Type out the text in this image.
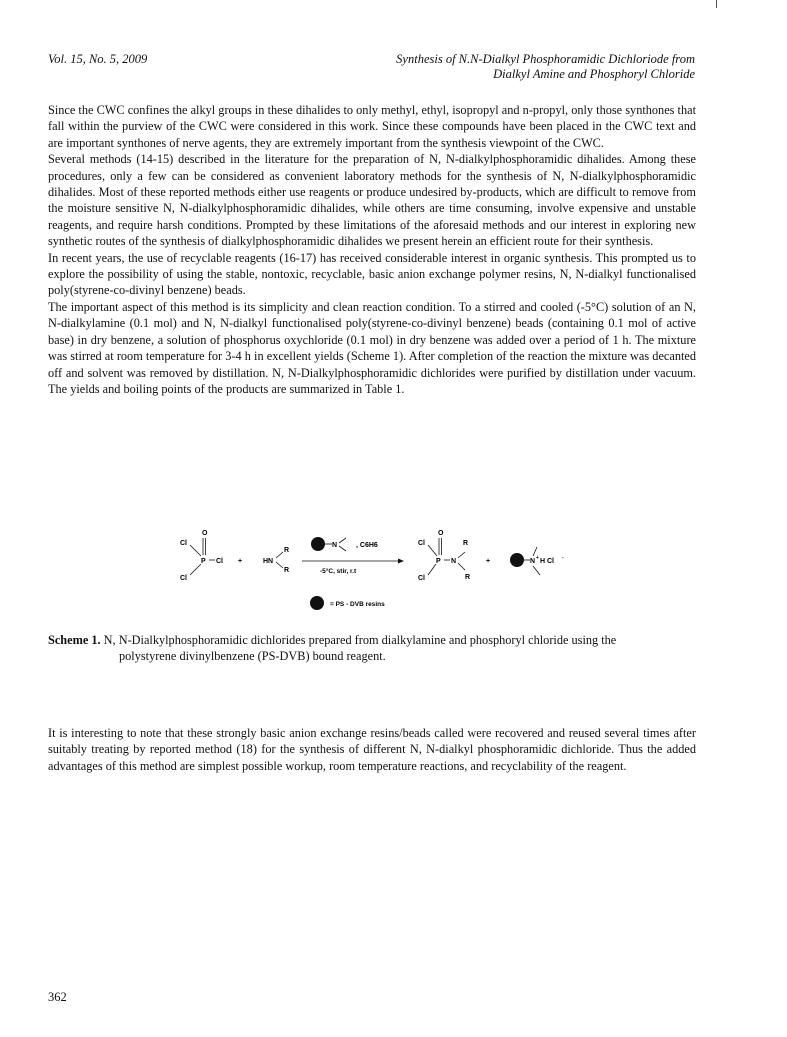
Vol. 15, No. 5, 2009	Synthesis of N.N-Dialkyl Phosphoramidic Dichloriode from
Dialkyl Amine and Phosphoryl Chloride

Since the CWC confines the alkyl groups in these dihalides to only methyl, ethyl, isopropyl and n-propyl, only those synthones that fall within the purview of the CWC were considered in this work. Since these compounds have been placed in the CWC text and are important synthones of nerve agents, they are extremely important from the synthesis viewpoint of the CWC.

Several methods (14-15) described in the literature for the preparation of N, N-dialkylphosphoramidic dihalides. Among these procedures, only a few can be considered as convenient laboratory methods for the synthesis of N, N-dialkylphosphoramidic dihalides. Most of these reported methods either use reagents or produce undesired by-products, which are difficult to remove from the moisture sensitive N, N-dialkylphosphoramidic dihalides, while others are time consuming, involve expensive and unstable reagents, and require harsh conditions. Prompted by these limitations of the aforesaid methods and our interest in exploring new synthetic routes of the synthesis of dialkylphosphoramidic dihalides we present herein an efficient route for their synthesis.

In recent years, the use of recyclable reagents (16-17) has received considerable interest in organic synthesis. This prompted us to explore the possibility of using the stable, nontoxic, recyclable, basic anion exchange polymer resins, N, N-dialkyl functionalised poly(styrene-co-divinyl benzene) beads.

The important aspect of this method is its simplicity and clean reaction condition. To a stirred and cooled (-5°C) solution of an N, N-dialkylamine (0.1 mol) and N, N-dialkyl functionalised poly(styrene-co-divinyl benzene) beads (containing 0.1 mol of active base) in dry benzene, a solution of phosphorus oxychloride (0.1 mol) in dry benzene was added over a period of 1 h. The mixture was stirred at room temperature for 3-4 h in excellent yields (Scheme 1). After completion of the reaction the mixture was decanted off and solvent was removed by distillation. N, N-Dialkylphosphoramidic dichlorides were purified by distillation under vacuum. The yields and boiling points of the products are summarized in Table 1.

O
Cl
P Cl
Cl
+	HN
R
R
N	, C6H6
-5°C, stir, r.t
O
Cl
P N
R
R
Cl
+	N + H Cl -
= PS - DVB resins
Scheme 1. N, N-Dialkylphosphoramidic dichlorides prepared from dialkylamine and phosphoryl chloride using the
polystyrene divinylbenzene (PS-DVB) bound reagent.

It is interesting to note that these strongly basic anion exchange resins/beads called were recovered and reused several times after suitably treating by reported method (18) for the synthesis of different N, N-dialkyl phosphoramidic dichloride. Thus the added advantages of this method are simplest possible workup, room temperature reactions, and recyclability of the reagent.

362
